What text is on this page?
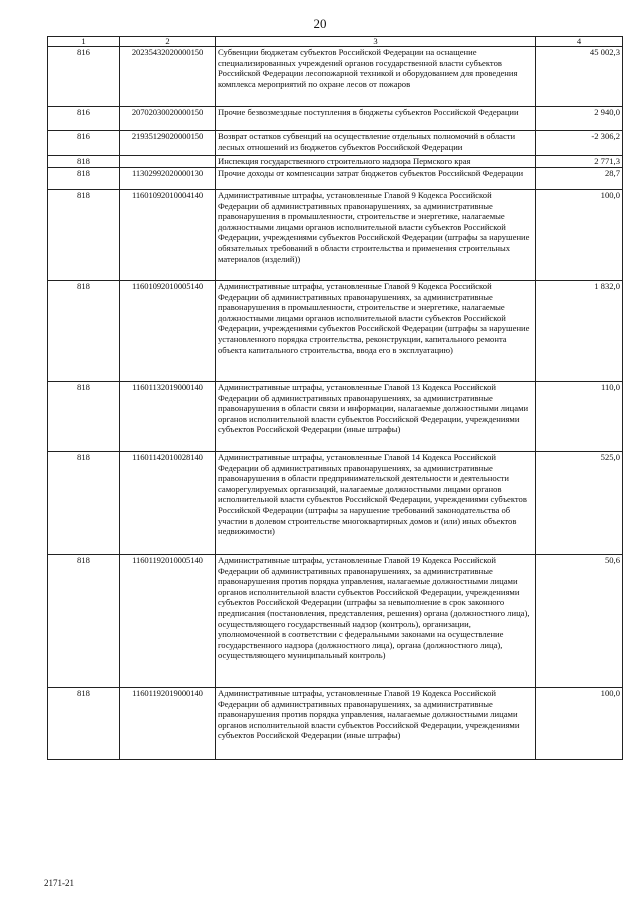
20
1	2	3	4
816	20235432020000150	Субвенции бюджетам субъектов Российской Федерации на оснащение специализированных учреждений органов государственной власти субъектов Российской Федерации лесопожарной техникой и оборудованием для проведения комплекса мероприятий по охране лесов от пожаров	45 002,3
816	20702030020000150	Прочие безвозмездные поступления в бюджеты субъектов Российской Федерации	2 940,0
816	21935129020000150	Возврат остатков субвенций на осуществление отдельных полномочий в области лесных отношений из бюджетов субъектов Российской Федерации	-2 306,2
818		Инспекция государственного строительного надзора Пермского края	2 771,3
818	11302992020000130	Прочие доходы от компенсации затрат бюджетов субъектов Российской Федерации	28,7
818	11601092010004140	Административные штрафы, установленные Главой 9 Кодекса Российской Федерации об административных правонарушениях, за административные правонарушения в промышленности, строительстве и энергетике, налагаемые должностными лицами органов исполнительной власти субъектов Российской Федерации, учреждениями субъектов Российской Федерации (штрафы за нарушение обязательных требований в области строительства и применения строительных материалов (изделий))	100,0
818	11601092010005140	Административные штрафы, установленные Главой 9 Кодекса Российской Федерации об административных правонарушениях, за административные правонарушения в промышленности, строительстве и энергетике, налагаемые должностными лицами органов исполнительной власти субъектов Российской Федерации, учреждениями субъектов Российской Федерации (штрафы за нарушение установленного порядка строительства, реконструкции, капитального ремонта объекта капитального строительства, ввода его в эксплуатацию)	1 832,0
818	11601132019000140	Административные штрафы, установленные Главой 13 Кодекса Российской Федерации об административных правонарушениях, за административные правонарушения в области связи и информации, налагаемые должностными лицами органов исполнительной власти субъектов Российской Федерации, учреждениями субъектов Российской Федерации (иные штрафы)	110,0
818	11601142010028140	Административные штрафы, установленные Главой 14 Кодекса Российской Федерации об административных правонарушениях, за административные правонарушения в области предпринимательской деятельности и деятельности саморегулируемых организаций, налагаемые должностными лицами органов исполнительной власти субъектов Российской Федерации, учреждениями субъектов Российской Федерации (штрафы за нарушение требований законодательства об участии в долевом строительстве многоквартирных домов и (или) иных объектов недвижимости)	525,0
818	11601192010005140	Административные штрафы, установленные Главой 19 Кодекса Российской Федерации об административных правонарушениях, за административные правонарушения против порядка управления, налагаемые должностными лицами органов исполнительной власти субъектов Российской Федерации, учреждениями субъектов Российской Федерации (штрафы за невыполнение в срок законного предписания (постановления, представления, решения) органа (должностного лица), осуществляющего государственный надзор (контроль), организации, уполномоченной в соответствии с федеральными законами на осуществление государственного надзора (должностного лица), органа (должностного лица), осуществляющего муниципальный контроль)	50,6
818	11601192019000140	Административные штрафы, установленные Главой 19 Кодекса Российской Федерации об административных правонарушениях, за административные правонарушения против порядка управления, налагаемые должностными лицами органов исполнительной власти субъектов Российской Федерации, учреждениями субъектов Российской Федерации (иные штрафы)	100,0
2171-21
